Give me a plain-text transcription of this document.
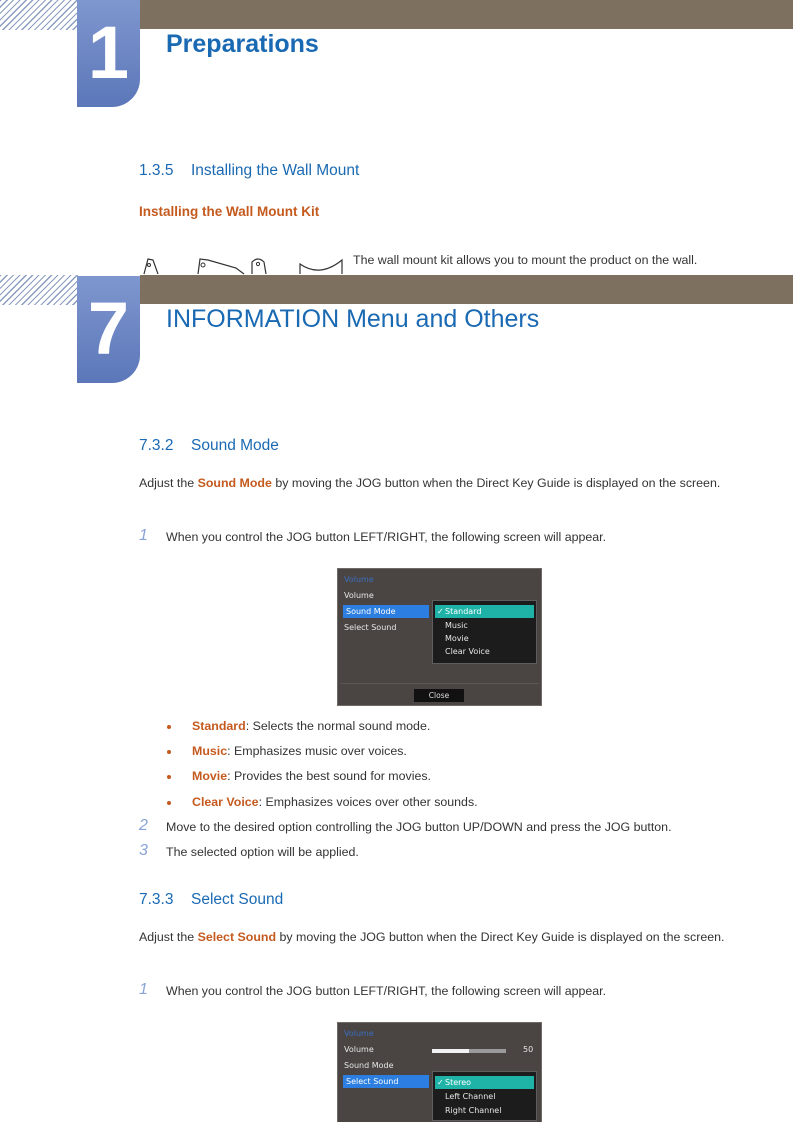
1	Preparations
1.3.5 Installing the Wall Mount
Installing the Wall Mount Kit
The wall mount kit allows you to mount the product on the wall.
7	INFORMATION Menu and Others
7.3.2 Sound Mode
Adjust the Sound Mode by moving the JOG button when the Direct Key Guide is displayed on the screen.
1 When you control the JOG button LEFT/RIGHT, the following screen will appear.
Volume
Volume
Sound Mode
Select Sound
✓ Standard
Music
Movie
Clear Voice
Close
Standard: Selects the normal sound mode.
Music: Emphasizes music over voices.
Movie: Provides the best sound for movies.
Clear Voice: Emphasizes voices over other sounds.
2 Move to the desired option controlling the JOG button UP/DOWN and press the JOG button.
3 The selected option will be applied.
7.3.3 Select Sound
Adjust the Select Sound by moving the JOG button when the Direct Key Guide is displayed on the screen.
1 When you control the JOG button LEFT/RIGHT, the following screen will appear.
Volume
Volume	50
Sound Mode
Select Sound	✓ Stereo
Left Channel
Right Channel
